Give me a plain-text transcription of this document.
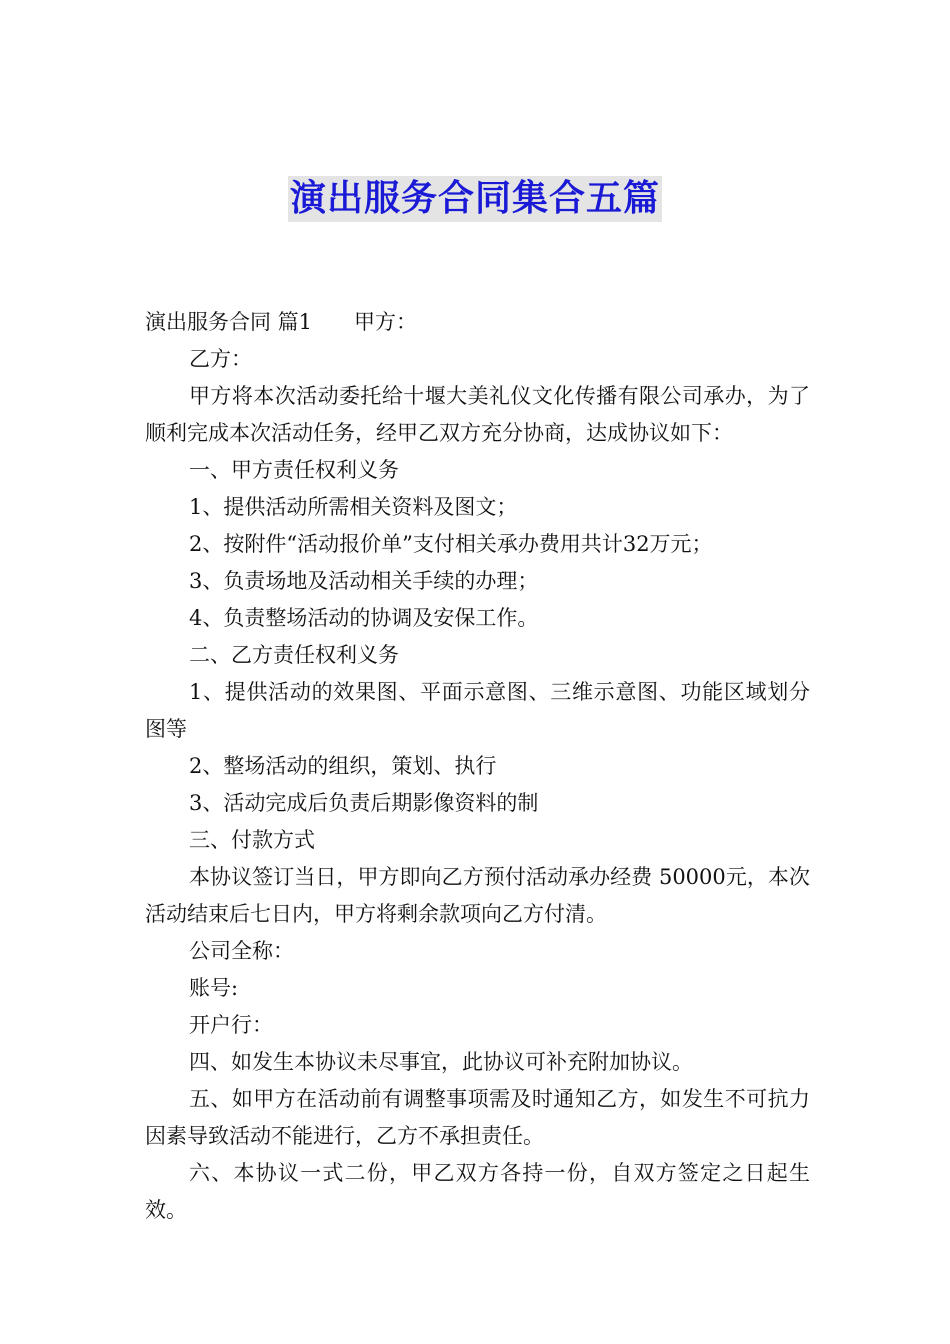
演出服务合同集合五篇

演出服务合同 篇1 甲方：

乙方：

甲方将本次活动委托给十堰大美礼仪文化传播有限公司承办，为了顺利完成本次活动任务，经甲乙双方充分协商，达成协议如下：

一、甲方责任权利义务

1、提供活动所需相关资料及图文；

2、按附件“活动报价单”支付相关承办费用共计32万元；

3、负责场地及活动相关手续的办理；

4、负责整场活动的协调及安保工作。

二、乙方责任权利义务

1、提供活动的效果图、平面示意图、三维示意图、功能区域划分图等

2、整场活动的组织，策划、执行

3、活动完成后负责后期影像资料的制

三、付款方式

本协议签订当日，甲方即向乙方预付活动承办经费 50000元，本次活动结束后七日内，甲方将剩余款项向乙方付清。

公司全称：

账号:

开户行：

四、如发生本协议未尽事宜，此协议可补充附加协议。

五、如甲方在活动前有调整事项需及时通知乙方，如发生不可抗力因素导致活动不能进行，乙方不承担责任。

六、本协议一式二份，甲乙双方各持一份，自双方签定之日起生效。
